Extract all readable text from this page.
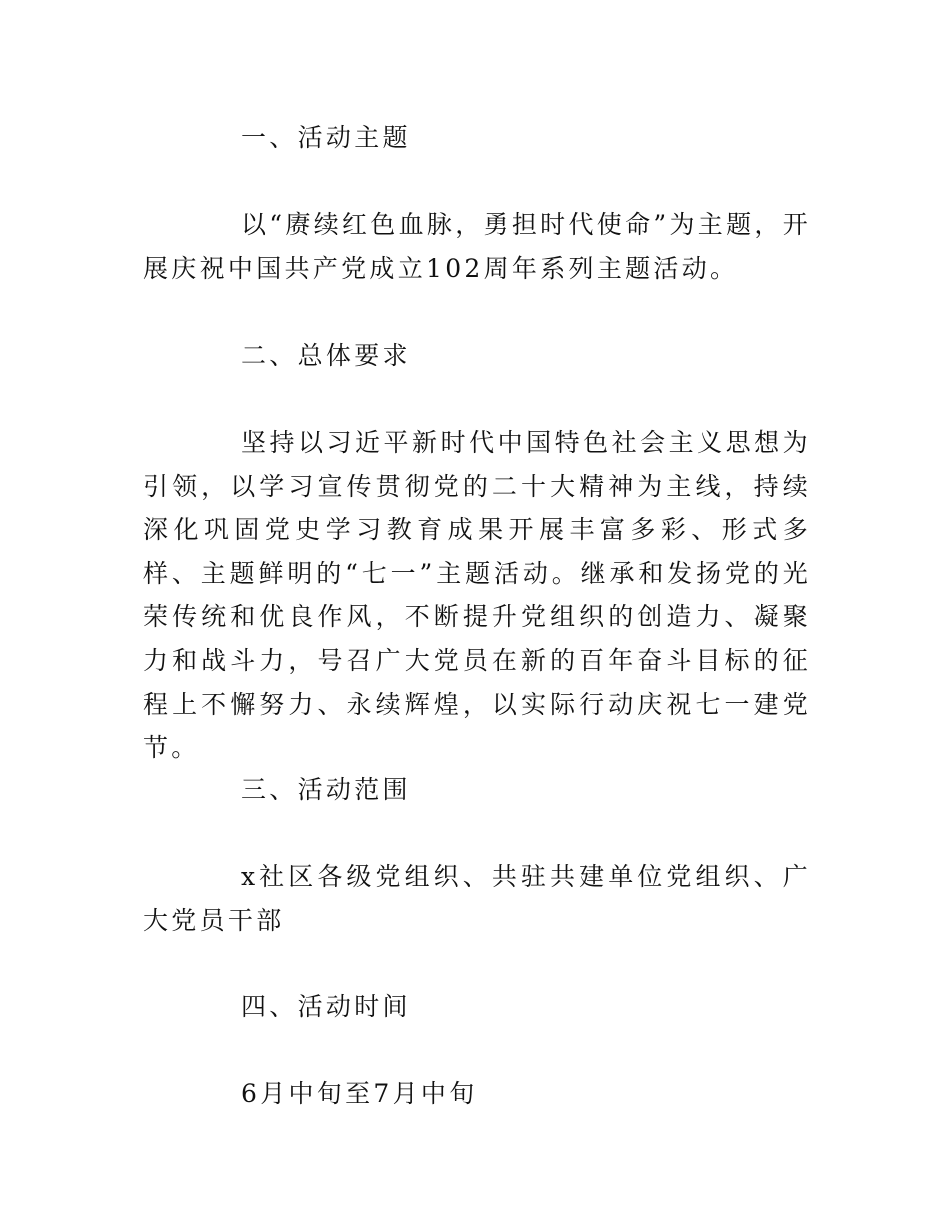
一、活动主题

以“赓续红色血脉，勇担时代使命”为主题，开展庆祝中国共产党成立102周年系列主题活动。

二、总体要求

坚持以习近平新时代中国特色社会主义思想为引领，以学习宣传贯彻党的二十大精神为主线，持续深化巩固党史学习教育成果开展丰富多彩、形式多样、主题鲜明的“七一”主题活动。继承和发扬党的光荣传统和优良作风，不断提升党组织的创造力、凝聚力和战斗力，号召广大党员在新的百年奋斗目标的征程上不懈努力、永续辉煌，以实际行动庆祝七一建党节。

三、活动范围

x社区各级党组织、共驻共建单位党组织、广大党员干部

四、活动时间

6月中旬至7月中旬
